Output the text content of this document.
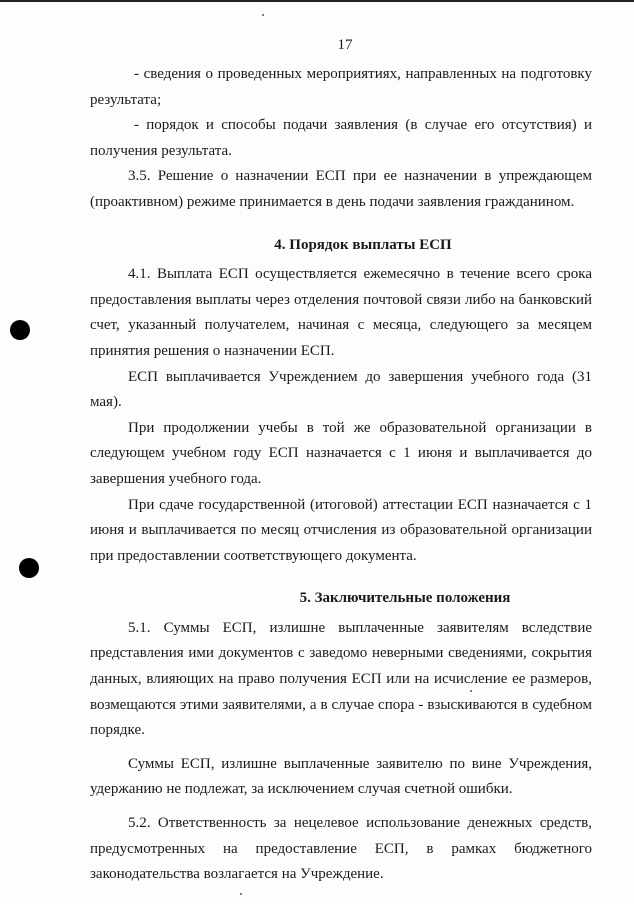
17

- сведения о проведенных мероприятиях, направленных на подготовку результата;

- порядок и способы подачи заявления (в случае его отсутствия) и получения результата.

3.5. Решение о назначении ЕСП при ее назначении в упреждающем (проактивном) режиме принимается в день подачи заявления гражданином.

4. Порядок выплаты ЕСП

4.1. Выплата ЕСП осуществляется ежемесячно в течение всего срока предоставления выплаты через отделения почтовой связи либо на банковский счет, указанный получателем, начиная с месяца, следующего за месяцем принятия решения о назначении ЕСП.

ЕСП выплачивается Учреждением до завершения учебного года (31 мая).

При продолжении учебы в той же образовательной организации в следующем учебном году ЕСП назначается с 1 июня и выплачивается до завершения учебного года.

При сдаче государственной (итоговой) аттестации ЕСП назначается с 1 июня и выплачивается по месяц отчисления из образовательной организации при предоставлении соответствующего документа.

5. Заключительные положения

5.1. Суммы ЕСП, излишне выплаченные заявителям вследствие представления ими документов с заведомо неверными сведениями, сокрытия данных, влияющих на право получения ЕСП или на исчисление ее размеров, возмещаются этими заявителями, а в случае спора - взыскиваются в судебном порядке.

Суммы ЕСП, излишне выплаченные заявителю по вине Учреждения, удержанию не подлежат, за исключением случая счетной ошибки.

5.2. Ответственность за нецелевое использование денежных средств, предусмотренных на предоставление ЕСП, в рамках бюджетного законодательства возлагается на Учреждение.
